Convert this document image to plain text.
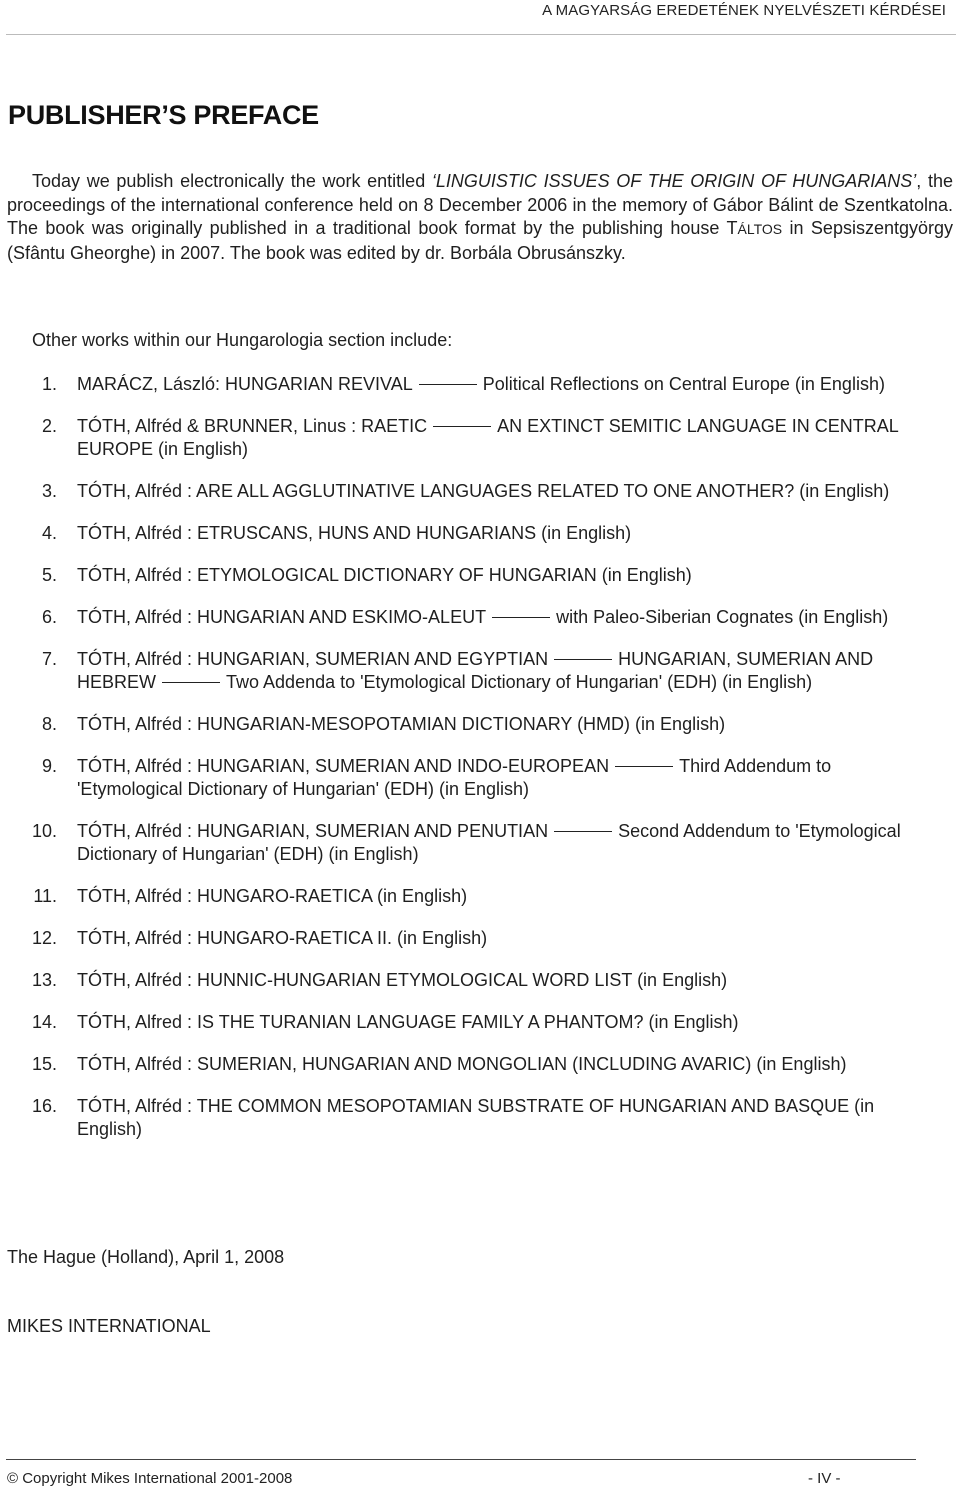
A MAGYARSÁG EREDETÉNEK NYELVÉSZETI KÉRDÉSEI
PUBLISHER’S PREFACE

Today we publish electronically the work entitled ‘LINGUISTIC ISSUES OF THE ORIGIN OF HUNGARIANS’, the proceedings of the international conference held on 8 December 2006 in the memory of Gábor Bálint de Szentkatolna. The book was originally published in a traditional book format by the publishing house TÁLTOS in Sepsiszentgyörgy (Sfântu Gheorghe) in 2007. The book was edited by dr. Borbála Obrusánszky.

Other works within our Hungarologia section include:

1. MARÁCZ, László: HUNGARIAN REVIVAL	Political Reflections on Central Europe (in English)
2. TÓTH, Alfréd & BRUNNER, Linus : RAETIC	AN EXTINCT SEMITIC LANGUAGE IN CENTRAL EUROPE (in English)
3. TÓTH, Alfréd : ARE ALL AGGLUTINATIVE LANGUAGES RELATED TO ONE ANOTHER? (in English)
4. TÓTH, Alfréd : ETRUSCANS, HUNS AND HUNGARIANS (in English)
5. TÓTH, Alfréd : ETYMOLOGICAL DICTIONARY OF HUNGARIAN (in English)
6. TÓTH, Alfréd : HUNGARIAN AND ESKIMO-ALEUT	with Paleo-Siberian Cognates (in English)
7. TÓTH, Alfréd : HUNGARIAN, SUMERIAN AND EGYPTIAN	HUNGARIAN, SUMERIAN AND HEBREW	Two Addenda to 'Etymological Dictionary of Hungarian' (EDH) (in English)
8. TÓTH, Alfréd : HUNGARIAN-MESOPOTAMIAN DICTIONARY (HMD) (in English)
9. TÓTH, Alfréd : HUNGARIAN, SUMERIAN AND INDO-EUROPEAN	Third Addendum to 'Etymological Dictionary of Hungarian' (EDH) (in English)
10. TÓTH, Alfréd : HUNGARIAN, SUMERIAN AND PENUTIAN	Second Addendum to 'Etymological Dictionary of Hungarian' (EDH) (in English)
11. TÓTH, Alfréd : HUNGARO-RAETICA (in English)
12. TÓTH, Alfréd : HUNGARO-RAETICA II. (in English)
13. TÓTH, Alfréd : HUNNIC-HUNGARIAN ETYMOLOGICAL WORD LIST (in English)
14. TÓTH, Alfred : IS THE TURANIAN LANGUAGE FAMILY A PHANTOM? (in English)
15. TÓTH, Alfréd : SUMERIAN, HUNGARIAN AND MONGOLIAN (INCLUDING AVARIC) (in English)
16. TÓTH, Alfréd : THE COMMON MESOPOTAMIAN SUBSTRATE OF HUNGARIAN AND BASQUE (in English)

The Hague (Holland), April 1, 2008

MIKES INTERNATIONAL

© Copyright Mikes International 2001-2008	- IV -
